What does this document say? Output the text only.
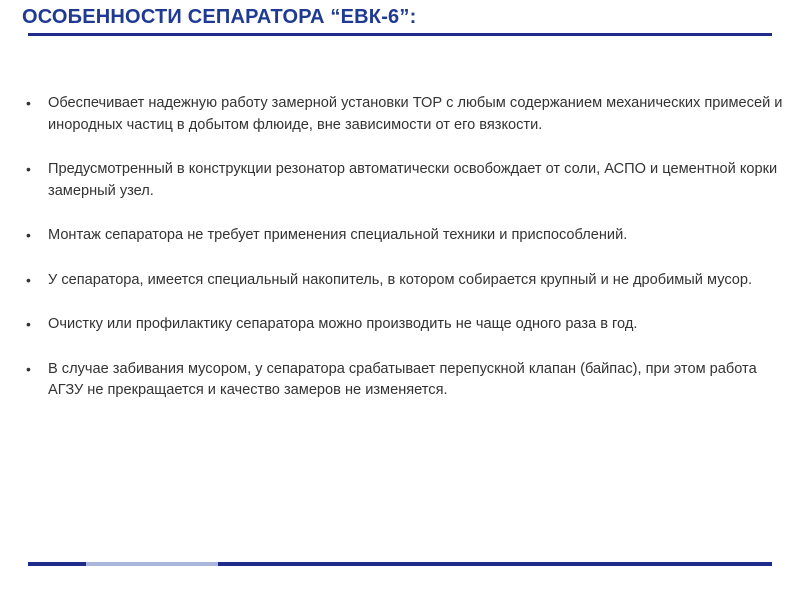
ОСОБЕННОСТИ СЕПАРАТОРА “ЕВК-6”:
• Обеспечивает надежную работу замерной установки ТОР с любым содержанием механических примесей и инородных частиц в добытом флюиде, вне зависимости от его вязкости.
• Предусмотренный в конструкции резонатор автоматически освобождает от соли, АСПО и цементной корки замерный узел.
• Монтаж сепаратора не требует применения специальной техники и приспособлений.
• У сепаратора, имеется специальный накопитель, в котором собирается крупный и не дробимый мусор.
• Очистку или профилактику сепаратора можно производить не чаще одного раза в год.
• В случае забивания мусором, у сепаратора срабатывает перепускной клапан (байпас), при этом работа АГЗУ не прекращается и качество замеров не изменяется.
